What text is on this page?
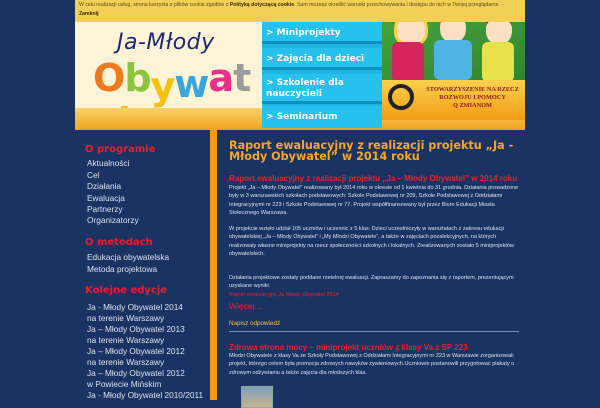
Ja-Młody
Obywat	STOWARZYSZENIE NA RZECZ
ROZWOJU I POMOCY
Q ZMIANOM
> Miniprojekty
> Zajęcia dla dzieci
> Szkolenie dla nauczycieli
> Seminarium
W celu realizacji usług, strona korzysta z plików cookie zgodnie z Polityką dotyczącą cookie. Sam możesz określić warunki przechowywania i dostępu do nich w Twojej przeglądarce. - Zamknij
O programie
Aktualności
Cel
Działania
Ewaluacja
Partnerzy
Organizatorzy
O metodach
Edukacja obywatelska
Metoda projektowa
Kolejne edycje
Ja - Młody Obywatel 2014
na terenie Warszawy
Ja – Młody Obywatel 2013
na terenie Warszawy
Ja – Młody Obywatel 2012
na terenie Warszawy
Ja – Młody Obywatel 2012
w Powiecie Mińskim
Ja - Młody Obywatel 2010/2011
Raport ewaluacyjny z realizacji projektu „Ja - Młody Obywatel” w 2014 roku
Raport ewaluacyjny z realizacji projektu „Ja – Młody Obywatel” w 2014 roku
Projekt „Ja – Młody Obywatel” realizowany był 2014 roku w okresie od 1 kwietnia do 31 grudnia. Działania prowadzone były w 3 warszawskich szkołach podstawowych: Szkole Podstawowej nr 209, Szkole Podstawowej z Oddziałami Integracyjnymi nr 223 i Szkole Podstawowej nr 77. Projekt współfinansowany był przez Biuro Edukacji Miasta Stołecznego Warszawa.
W projekcie wzięło udział 105 uczniów i uczennic z 5 klas. Dzieci uczestniczyły w warsztatach z zakresu edukacji obywatelskiej „Ja – Młody Obywatel” i „My Młodzi Obywatele”, a także w zajęciach pozalekcyjnych, na których realizowały własne miniprojekty na rzecz społeczności szkolnych i lokalnych. Zrealizowanych zostało 5 miniprojektów obywatelskich.
Działania projektowe zostały poddane rzetelnej ewaluacji. Zapraszamy do zapoznania się z raportem, prezentującym uzyskane wyniki.
Raport ewaluacyjny Ja Młody Obywatel 2014
Więcej...
Napisz odpowiedź
Zdrowa strona mocy – miniprojekt uczniów z klasy Va z SP 223
Młodzi Obywatele z klasy Va ze Szkoły Podstawowej z Oddziałami Integracyjnymi nr 223 w Warszawie zorganizowali projekt, którego celem była promocja zdrowych nawyków żywieniowych.Uczniowie postanowili przygotować plakaty o zdrowym odżywianiu a także zajęcia dla młodszych klas.
